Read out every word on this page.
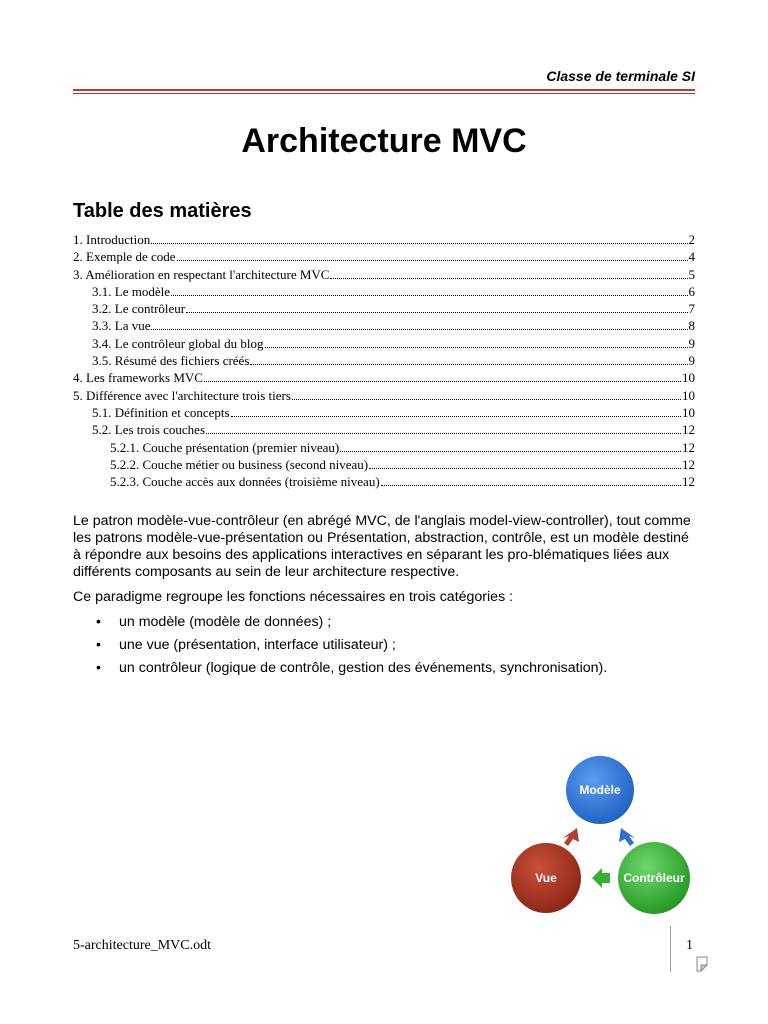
Classe de terminale SI
Architecture MVC
Table des matières
1. Introduction	2
2. Exemple de code	4
3. Amélioration en respectant l'architecture MVC	5
3.1. Le modèle	6
3.2. Le contrôleur	7
3.3. La vue	8
3.4. Le contrôleur global du blog	9
3.5. Résumé des fichiers créés	9
4. Les frameworks MVC	10
5. Différence avec l'architecture trois tiers	10
5.1. Définition et concepts	10
5.2. Les trois couches	12
5.2.1. Couche présentation (premier niveau)	12
5.2.2. Couche métier ou business (second niveau)	12
5.2.3. Couche accès aux données (troisième niveau)	12

Le patron modèle-vue-contrôleur (en abrégé MVC, de l'anglais model-view-controller), tout comme les patrons modèle-vue-présentation ou Présentation, abstraction, contrôle, est un modèle destiné à répondre aux besoins des applications interactives en séparant les pro-blématiques liées aux différents composants au sein de leur architecture respective.

Ce paradigme regroupe les fonctions nécessaires en trois catégories :

• un modèle (modèle de données) ;
• une vue (présentation, interface utilisateur) ;
• un contrôleur (logique de contrôle, gestion des événements, synchronisation).
Modèle
Vue	Contrôleur
5-architecture_MVC.odt	1
